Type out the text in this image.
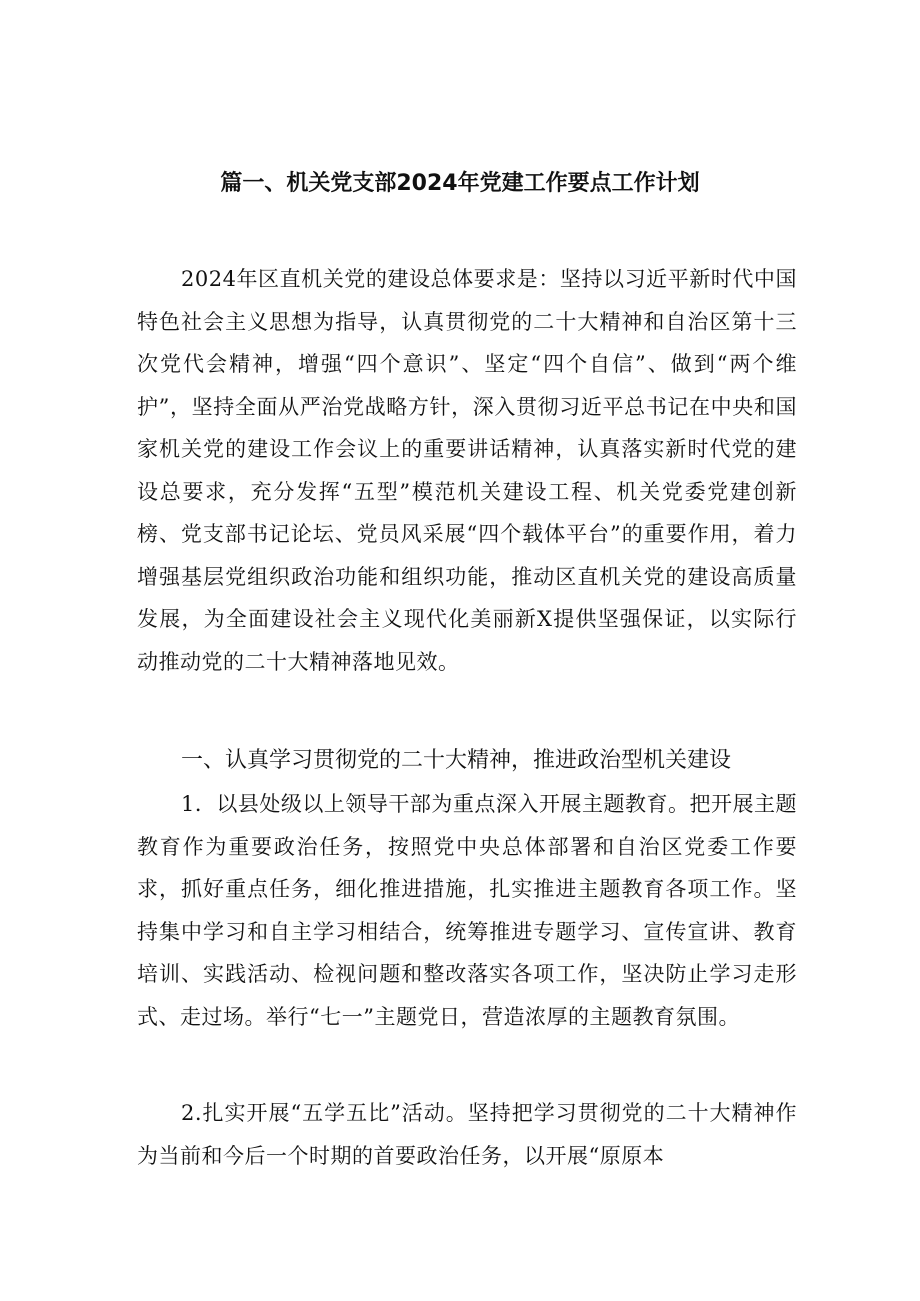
篇一、机关党支部2024年党建工作要点工作计划

2024年区直机关党的建设总体要求是：坚持以习近平新时代中国特色社会主义思想为指导，认真贯彻党的二十大精神和自治区第十三次党代会精神，增强“四个意识”、坚定“四个自信”、做到“两个维护”，坚持全面从严治党战略方针，深入贯彻习近平总书记在中央和国家机关党的建设工作会议上的重要讲话精神，认真落实新时代党的建设总要求，充分发挥“五型”模范机关建设工程、机关党委党建创新榜、党支部书记论坛、党员风采展“四个载体平台”的重要作用，着力增强基层党组织政治功能和组织功能，推动区直机关党的建设高质量发展，为全面建设社会主义现代化美丽新X提供坚强保证，以实际行动推动党的二十大精神落地见效。

一、认真学习贯彻党的二十大精神，推进政治型机关建设

1．以县处级以上领导干部为重点深入开展主题教育。把开展主题教育作为重要政治任务，按照党中央总体部署和自治区党委工作要求，抓好重点任务，细化推进措施，扎实推进主题教育各项工作。坚持集中学习和自主学习相结合，统筹推进专题学习、宣传宣讲、教育培训、实践活动、检视问题和整改落实各项工作，坚决防止学习走形式、走过场。举行“七一”主题党日，营造浓厚的主题教育氛围。

2.扎实开展“五学五比”活动。坚持把学习贯彻党的二十大精神作为当前和今后一个时期的首要政治任务，以开展“原原本
